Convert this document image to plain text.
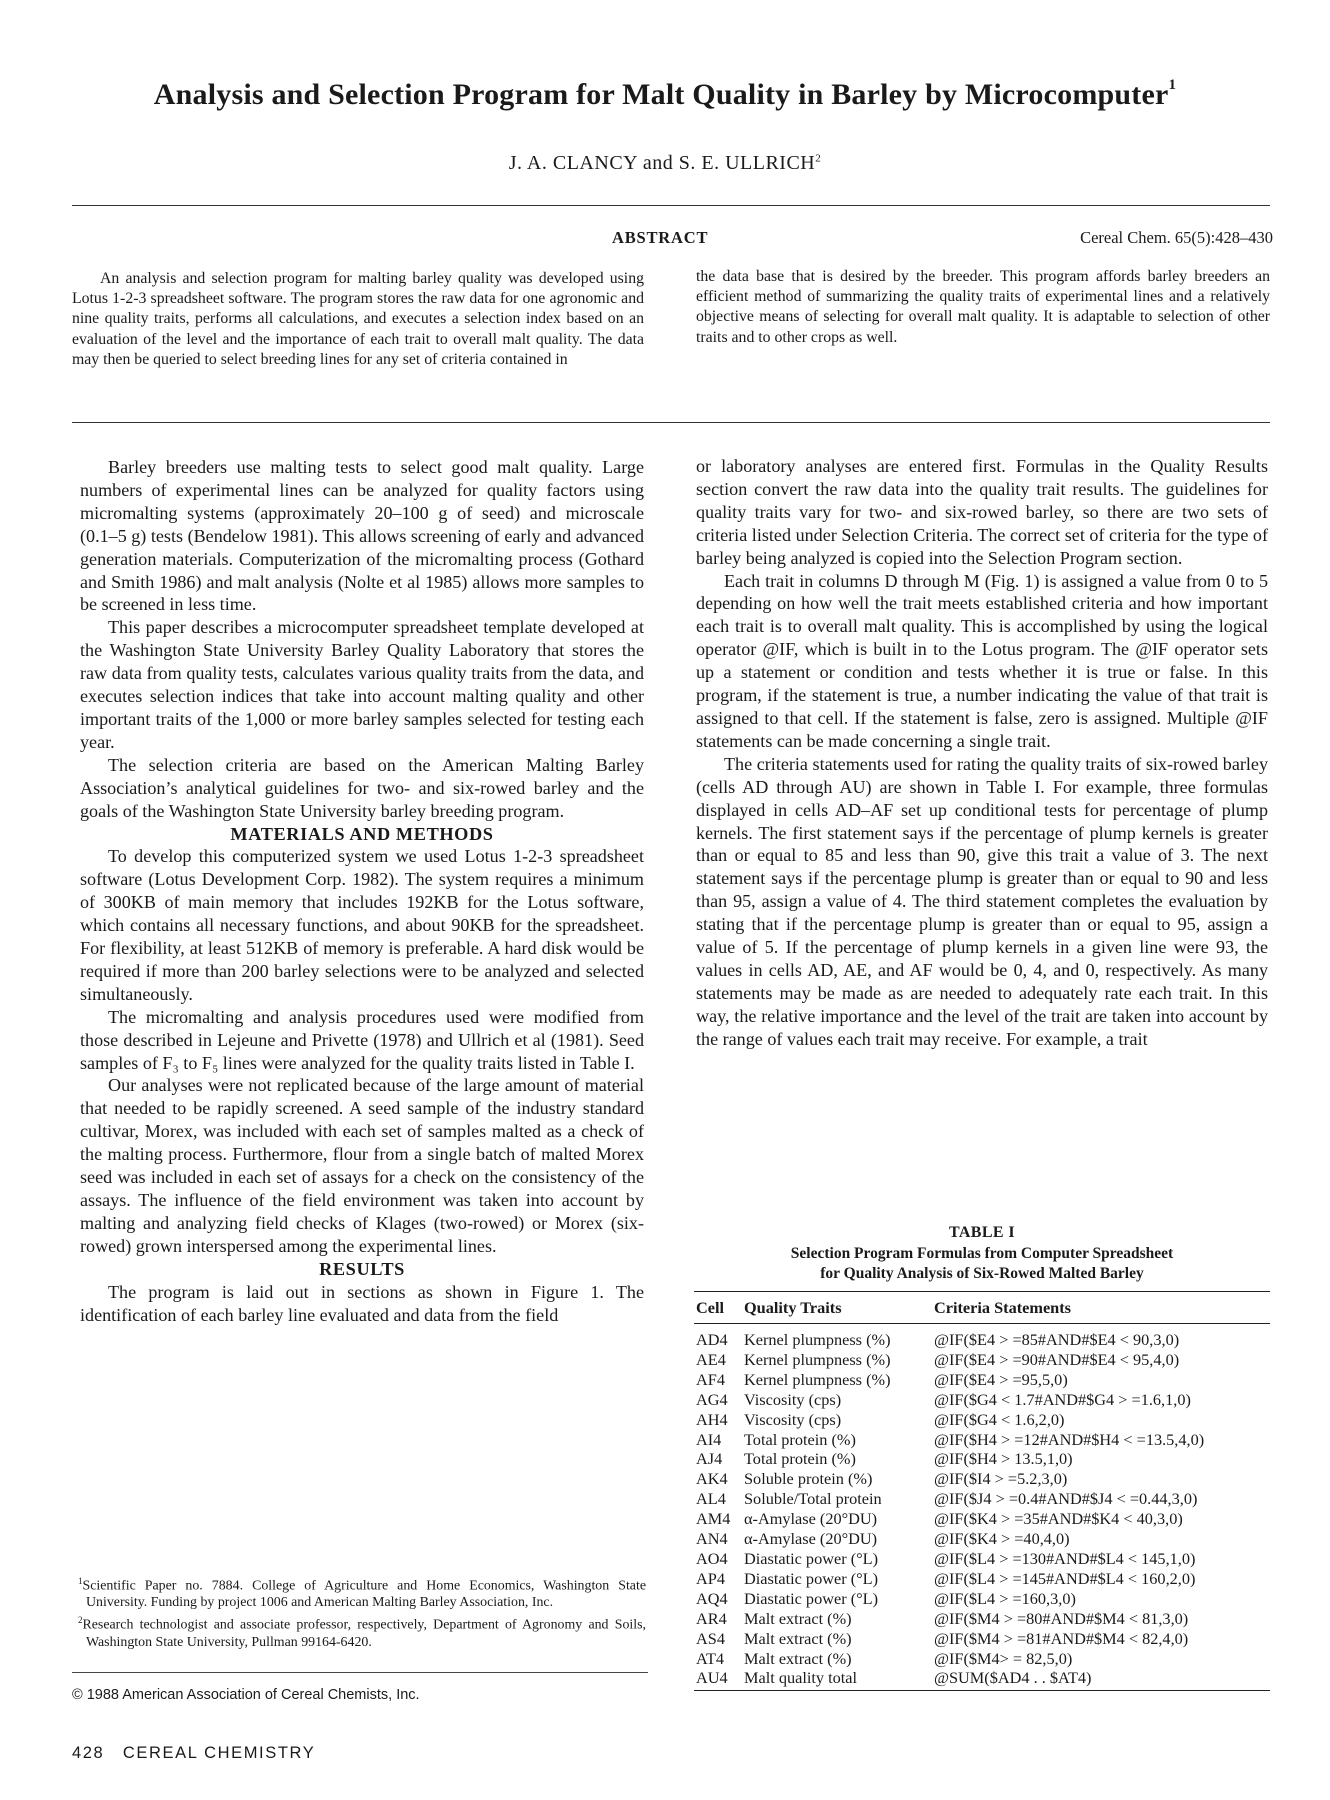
Analysis and Selection Program for Malt Quality in Barley by Microcomputer$^1$
J. A. CLANCY and S. E. ULLRICH$^2$
ABSTRACT	Cereal Chem. 65(5):428–430
An analysis and selection program for malting barley quality was developed using Lotus 1-2-3 spreadsheet software. The program stores the raw data for one agronomic and nine quality traits, performs all calculations, and executes a selection index based on an evaluation of the level and the importance of each trait to overall malt quality. The data may then be queried to select breeding lines for any set of criteria contained in
the data base that is desired by the breeder. This program affords barley breeders an efficient method of summarizing the quality traits of experimental lines and a relatively objective means of selecting for overall malt quality. It is adaptable to selection of other traits and to other crops as well.

Barley breeders use malting tests to select good malt quality. Large numbers of experimental lines can be analyzed for quality factors using micromalting systems (approximately 20–100 g of seed) and microscale (0.1–5 g) tests (Bendelow 1981). This allows screening of early and advanced generation materials. Computerization of the micromalting process (Gothard and Smith 1986) and malt analysis (Nolte et al 1985) allows more samples to be screened in less time.

This paper describes a microcomputer spreadsheet template developed at the Washington State University Barley Quality Laboratory that stores the raw data from quality tests, calculates various quality traits from the data, and executes selection indices that take into account malting quality and other important traits of the 1,000 or more barley samples selected for testing each year.

The selection criteria are based on the American Malting Barley Association’s analytical guidelines for two- and six-rowed barley and the goals of the Washington State University barley breeding program.

MATERIALS AND METHODS

To develop this computerized system we used Lotus 1-2-3 spreadsheet software (Lotus Development Corp. 1982). The system requires a minimum of 300KB of main memory that includes 192KB for the Lotus software, which contains all necessary functions, and about 90KB for the spreadsheet. For flexibility, at least 512KB of memory is preferable. A hard disk would be required if more than 200 barley selections were to be analyzed and selected simultaneously.

The micromalting and analysis procedures used were modified from those described in Lejeune and Privette (1978) and Ullrich et al (1981). Seed samples of F₃ to F₅ lines were analyzed for the quality traits listed in Table I.

Our analyses were not replicated because of the large amount of material that needed to be rapidly screened. A seed sample of the industry standard cultivar, Morex, was included with each set of samples malted as a check of the malting process. Furthermore, flour from a single batch of malted Morex seed was included in each set of assays for a check on the consistency of the assays. The influence of the field environment was taken into account by malting and analyzing field checks of Klages (two-rowed) or Morex (six-rowed) grown interspersed among the experimental lines.

RESULTS

The program is laid out in sections as shown in Figure 1. The identification of each barley line evaluated and data from the field

or laboratory analyses are entered first. Formulas in the Quality Results section convert the raw data into the quality trait results. The guidelines for quality traits vary for two- and six-rowed barley, so there are two sets of criteria listed under Selection Criteria. The correct set of criteria for the type of barley being analyzed is copied into the Selection Program section.

Each trait in columns D through M (Fig. 1) is assigned a value from 0 to 5 depending on how well the trait meets established criteria and how important each trait is to overall malt quality. This is accomplished by using the logical operator @IF, which is built in to the Lotus program. The @IF operator sets up a statement or condition and tests whether it is true or false. In this program, if the statement is true, a number indicating the value of that trait is assigned to that cell. If the statement is false, zero is assigned. Multiple @IF statements can be made concerning a single trait.

The criteria statements used for rating the quality traits of six-rowed barley (cells AD through AU) are shown in Table I. For example, three formulas displayed in cells AD–AF set up conditional tests for percentage of plump kernels. The first statement says if the percentage of plump kernels is greater than or equal to 85 and less than 90, give this trait a value of 3. The next statement says if the percentage plump is greater than or equal to 90 and less than 95, assign a value of 4. The third statement completes the evaluation by stating that if the percentage plump is greater than or equal to 95, assign a value of 5. If the percentage of plump kernels in a given line were 93, the values in cells AD, AE, and AF would be 0, 4, and 0, respectively. As many statements may be made as are needed to adequately rate each trait. In this way, the relative importance and the level of the trait are taken into account by the range of values each trait may receive. For example, a trait

TABLE I
Selection Program Formulas from Computer Spreadsheet
for Quality Analysis of Six-Rowed Malted Barley
Cell	Quality Traits	Criteria Statements
AD4	Kernel plumpness (%)	@IF($E4 > =85#AND#$E4 < 90,3,0)
AE4	Kernel plumpness (%)	@IF($E4 > =90#AND#$E4 < 95,4,0)
AF4	Kernel plumpness (%)	@IF($E4 > =95,5,0)
AG4	Viscosity (cps)	@IF($G4 < 1.7#AND#$G4 > =1.6,1,0)
AH4	Viscosity (cps)	@IF($G4 < 1.6,2,0)
AI4	Total protein (%)	@IF($H4 > =12#AND#$H4 < =13.5,4,0)
AJ4	Total protein (%)	@IF($H4 > 13.5,1,0)
AK4	Soluble protein (%)	@IF($I4 > =5.2,3,0)
AL4	Soluble/Total protein	@IF($J4 > =0.4#AND#$J4 < =0.44,3,0)
AM4	α-Amylase (20°DU)	@IF($K4 > =35#AND#$K4 < 40,3,0)
AN4	α-Amylase (20°DU)	@IF($K4 > =40,4,0)
AO4	Diastatic power (°L)	@IF($L4 > =130#AND#$L4 < 145,1,0)
AP4	Diastatic power (°L)	@IF($L4 > =145#AND#$L4 < 160,2,0)
AQ4	Diastatic power (°L)	@IF($L4 > =160,3,0)
AR4	Malt extract (%)	@IF($M4 > =80#AND#$M4 < 81,3,0)
AS4	Malt extract (%)	@IF($M4 > =81#AND#$M4 < 82,4,0)
AT4	Malt extract (%)	@IF($M4> = 82,5,0)
AU4	Malt quality total	@SUM($AD4 . . $AT4)

$^1$Scientific Paper no. 7884. College of Agriculture and Home Economics, Washington State University. Funding by project 1006 and American Malting Barley Association, Inc.

$^2$Research technologist and associate professor, respectively, Department of Agronomy and Soils, Washington State University, Pullman 99164-6420.

© 1988 American Association of Cereal Chemists, Inc.
428   CEREAL CHEMISTRY
